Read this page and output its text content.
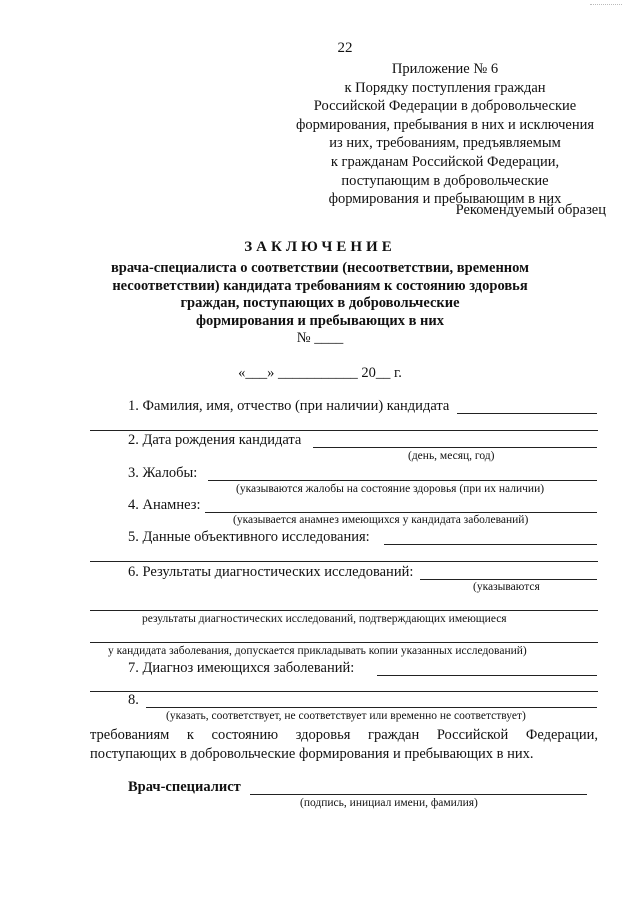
22
Приложение № 6
к Порядку поступления граждан
Российской Федерации в добровольческие
формирования, пребывания в них и исключения
из них, требованиям, предъявляемым
к гражданам Российской Федерации,
поступающим в добровольческие
формирования и пребывающим в них
Рекомендуемый образец
ЗАКЛЮЧЕНИЕ
врача-специалиста о соответствии (несоответствии, временном
несоответствии) кандидата требованиям к состоянию здоровья
граждан, поступающих в добровольческие
формирования и пребывающих в них
№ ____
«___» ___________ 20__ г.
1. Фамилия, имя, отчество (при наличии) кандидата
2. Дата рождения кандидата
(день, месяц, год)
3. Жалобы:
(указываются жалобы на состояние здоровья (при их наличии)
4. Анамнез:
(указывается анамнез имеющихся у кандидата заболеваний)
5. Данные объективного исследования:
6. Результаты диагностических исследований:
(указываются
результаты диагностических исследований, подтверждающих имеющиеся
у кандидата заболевания, допускается прикладывать копии указанных исследований)
7. Диагноз имеющихся заболеваний:
8.
(указать, соответствует, не соответствует или временно не соответствует)
требованиям к состоянию здоровья граждан Российской Федерации, поступающих в добровольческие формирования и пребывающих в них.
Врач-специалист
(подпись, инициал имени, фамилия)
